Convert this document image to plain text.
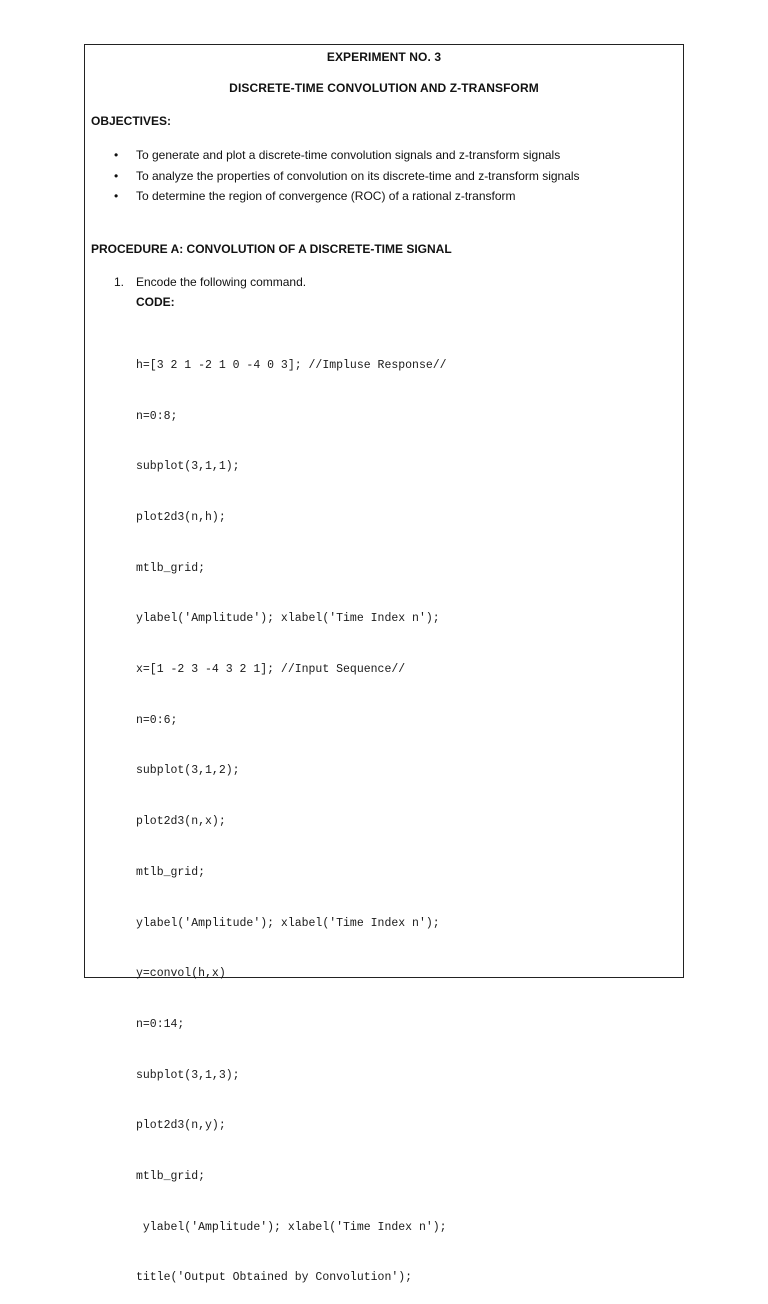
EXPERIMENT NO. 3
DISCRETE-TIME CONVOLUTION AND Z-TRANSFORM
OBJECTIVES:
• To generate and plot a discrete-time convolution signals and z-transform signals
• To analyze the properties of convolution on its discrete-time and z-transform signals
• To determine the region of convergence (ROC) of a rational z-transform
PROCEDURE A: CONVOLUTION OF A DISCRETE-TIME SIGNAL
1. Encode the following command.
CODE:

h=[3 2 1 -2 1 0 -4 0 3]; //Impluse Response//

n=0:8;

subplot(3,1,1);

plot2d3(n,h);

mtlb_grid;

ylabel('Amplitude'); xlabel('Time Index n');

x=[1 -2 3 -4 3 2 1]; //Input Sequence//

n=0:6;

subplot(3,1,2);

plot2d3(n,x);

mtlb_grid;

ylabel('Amplitude'); xlabel('Time Index n');

y=convol(h,x)

n=0:14;

subplot(3,1,3);

plot2d3(n,y);

mtlb_grid;

ylabel('Amplitude'); xlabel('Time Index n');

title('Output Obtained by Convolution');
